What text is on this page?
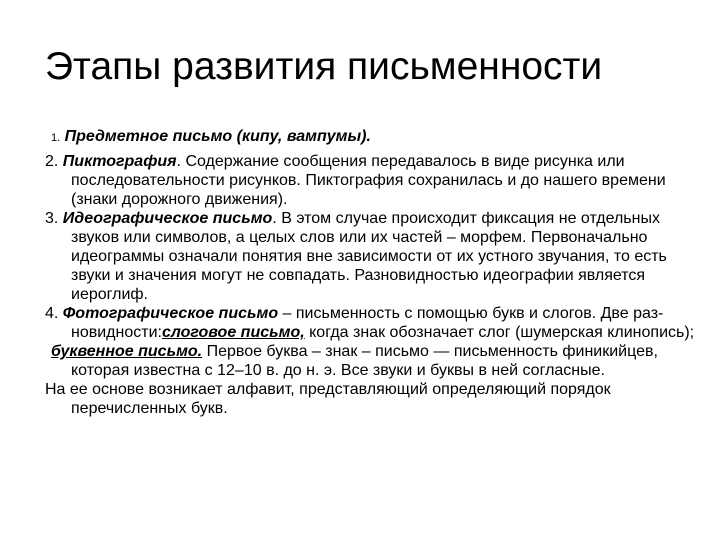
Этапы развития письменности

1. Предметное письмо (кипу, вампумы).

2. Пиктография. Содержание сообщения передавалось в виде рисунка или последовательности рисунков. Пиктография сохранилась и до нашего времени (знаки дорожного движения).

3. Идеографическое письмо. В этом случае происходит фиксация не отдельных звуков или символов, а целых слов или их частей – морфем. Первоначально идеограммы означали понятия вне зависимости от их устного звучания, то есть звуки и значения могут не совпадать. Разновидностью идеографии является иероглиф.

4. Фотографическое письмо – письменность с помощью букв и слогов. Две раз-новидности:слоговое письмо, когда знак обозначает слог (шумерская клинопись);

буквенное письмо. Первое буква – знак – письмо — письменность финикийцев, которая известна с 12–10 в. до н. э. Все звуки и буквы в ней согласные.

На ее основе возникает алфавит, представляющий определяющий порядок перечисленных букв.
